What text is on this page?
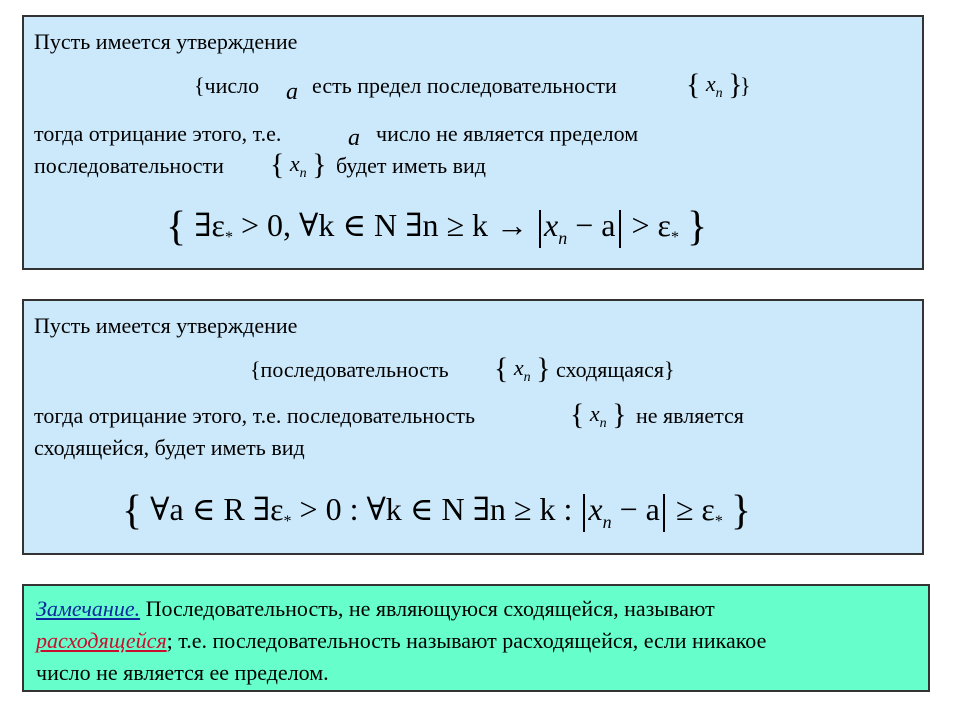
Пусть имеется утверждение
{число a есть предел последовательности { $x_n$ }
}
тогда отрицание этого, т.е.	a число не является пределом
последовательности { $x_n$ } будет иметь вид
{ ∃ε* > 0, ∀k ∈ N ∃n ≥ $k \to x_n - a > \varepsilon*$ }
Пусть имеется утверждение
{последовательность { $x_n$ } сходящаяся}
тогда отрицание этого, т.е. последовательность	{ $x_n$ } не является
сходящейся, будет иметь вид
{ ∀a ∈ R ∃ε* > 0 : ∀k ∈ N ∃n ≥ k : $x_n - a \ge \varepsilon*$ }
Замечание. Последовательность, не являющуюся сходящейся, называют
расходящейся; т.е. последовательность называют расходящейся, если никакое
число не является ее пределом.
